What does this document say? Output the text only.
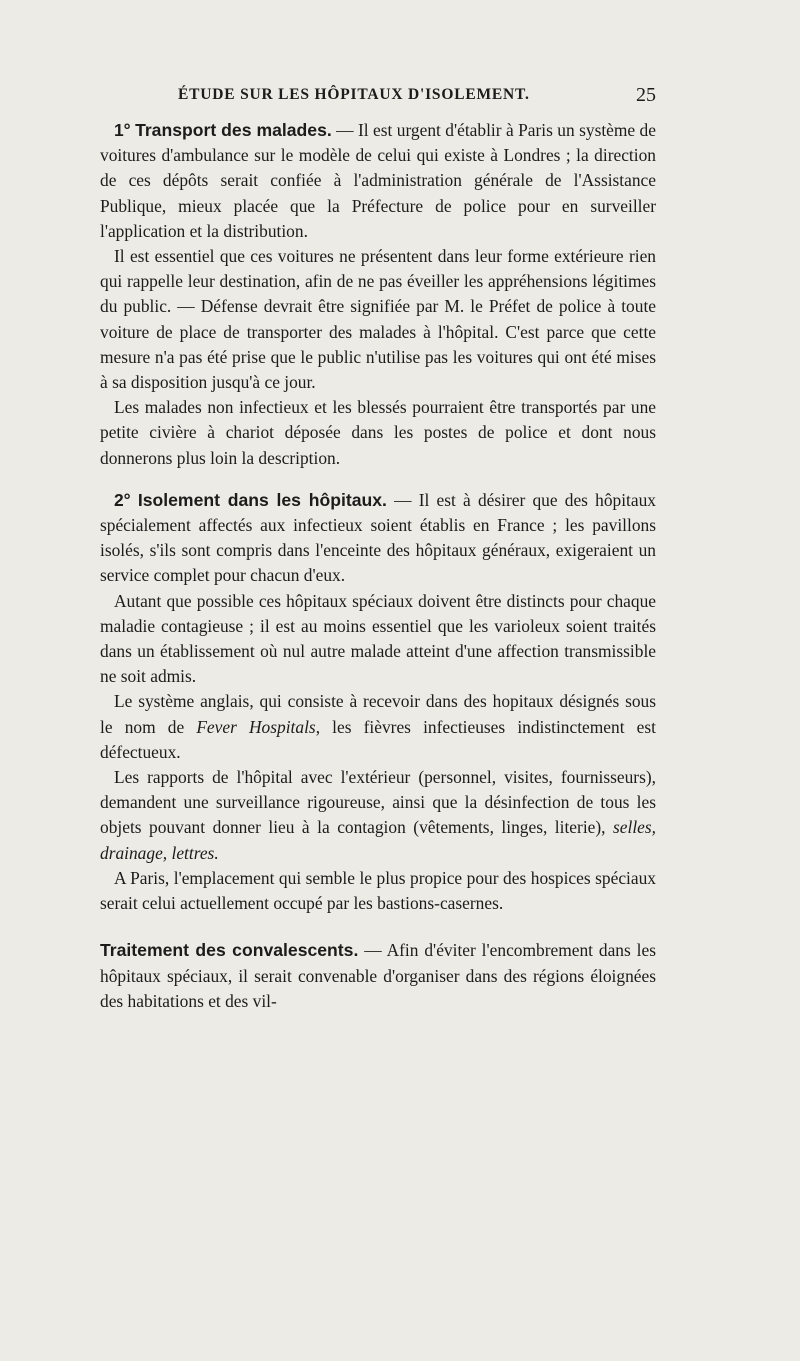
ÉTUDE SUR LES HÔPITAUX D'ISOLEMENT.	25

1° Transport des malades. — Il est urgent d'établir à Paris un système de voitures d'ambulance sur le modèle de celui qui existe à Londres ; la direction de ces dépôts serait confiée à l'administration générale de l'Assistance Publique, mieux placée que la Préfecture de police pour en surveiller l'application et la distribution.

Il est essentiel que ces voitures ne présentent dans leur forme extérieure rien qui rappelle leur destination, afin de ne pas éveiller les appréhensions légitimes du public. — Défense devrait être signifiée par M. le Préfet de police à toute voiture de place de transporter des malades à l'hôpital. C'est parce que cette mesure n'a pas été prise que le public n'utilise pas les voitures qui ont été mises à sa disposition jusqu'à ce jour.

Les malades non infectieux et les blessés pourraient être transportés par une petite civière à chariot déposée dans les postes de police et dont nous donnerons plus loin la description.

2° Isolement dans les hôpitaux. — Il est à désirer que des hôpitaux spécialement affectés aux infectieux soient établis en France ; les pavillons isolés, s'ils sont compris dans l'enceinte des hôpitaux généraux, exigeraient un service complet pour chacun d'eux.

Autant que possible ces hôpitaux spéciaux doivent être distincts pour chaque maladie contagieuse ; il est au moins essentiel que les varioleux soient traités dans un établissement où nul autre malade atteint d'une affection transmissible ne soit admis.

Le système anglais, qui consiste à recevoir dans des hopitaux désignés sous le nom de Fever Hospitals, les fièvres infectieuses indistinctement est défectueux.

Les rapports de l'hôpital avec l'extérieur (personnel, visites, fournisseurs), demandent une surveillance rigoureuse, ainsi que la désinfection de tous les objets pouvant donner lieu à la contagion (vêtements, linges, literie), selles, drainage, lettres.

A Paris, l'emplacement qui semble le plus propice pour des hospices spéciaux serait celui actuellement occupé par les bastions-casernes.

Traitement des convalescents. — Afin d'éviter l'encombrement dans les hôpitaux spéciaux, il serait convenable d'organiser dans des régions éloignées des habitations et des vil-
